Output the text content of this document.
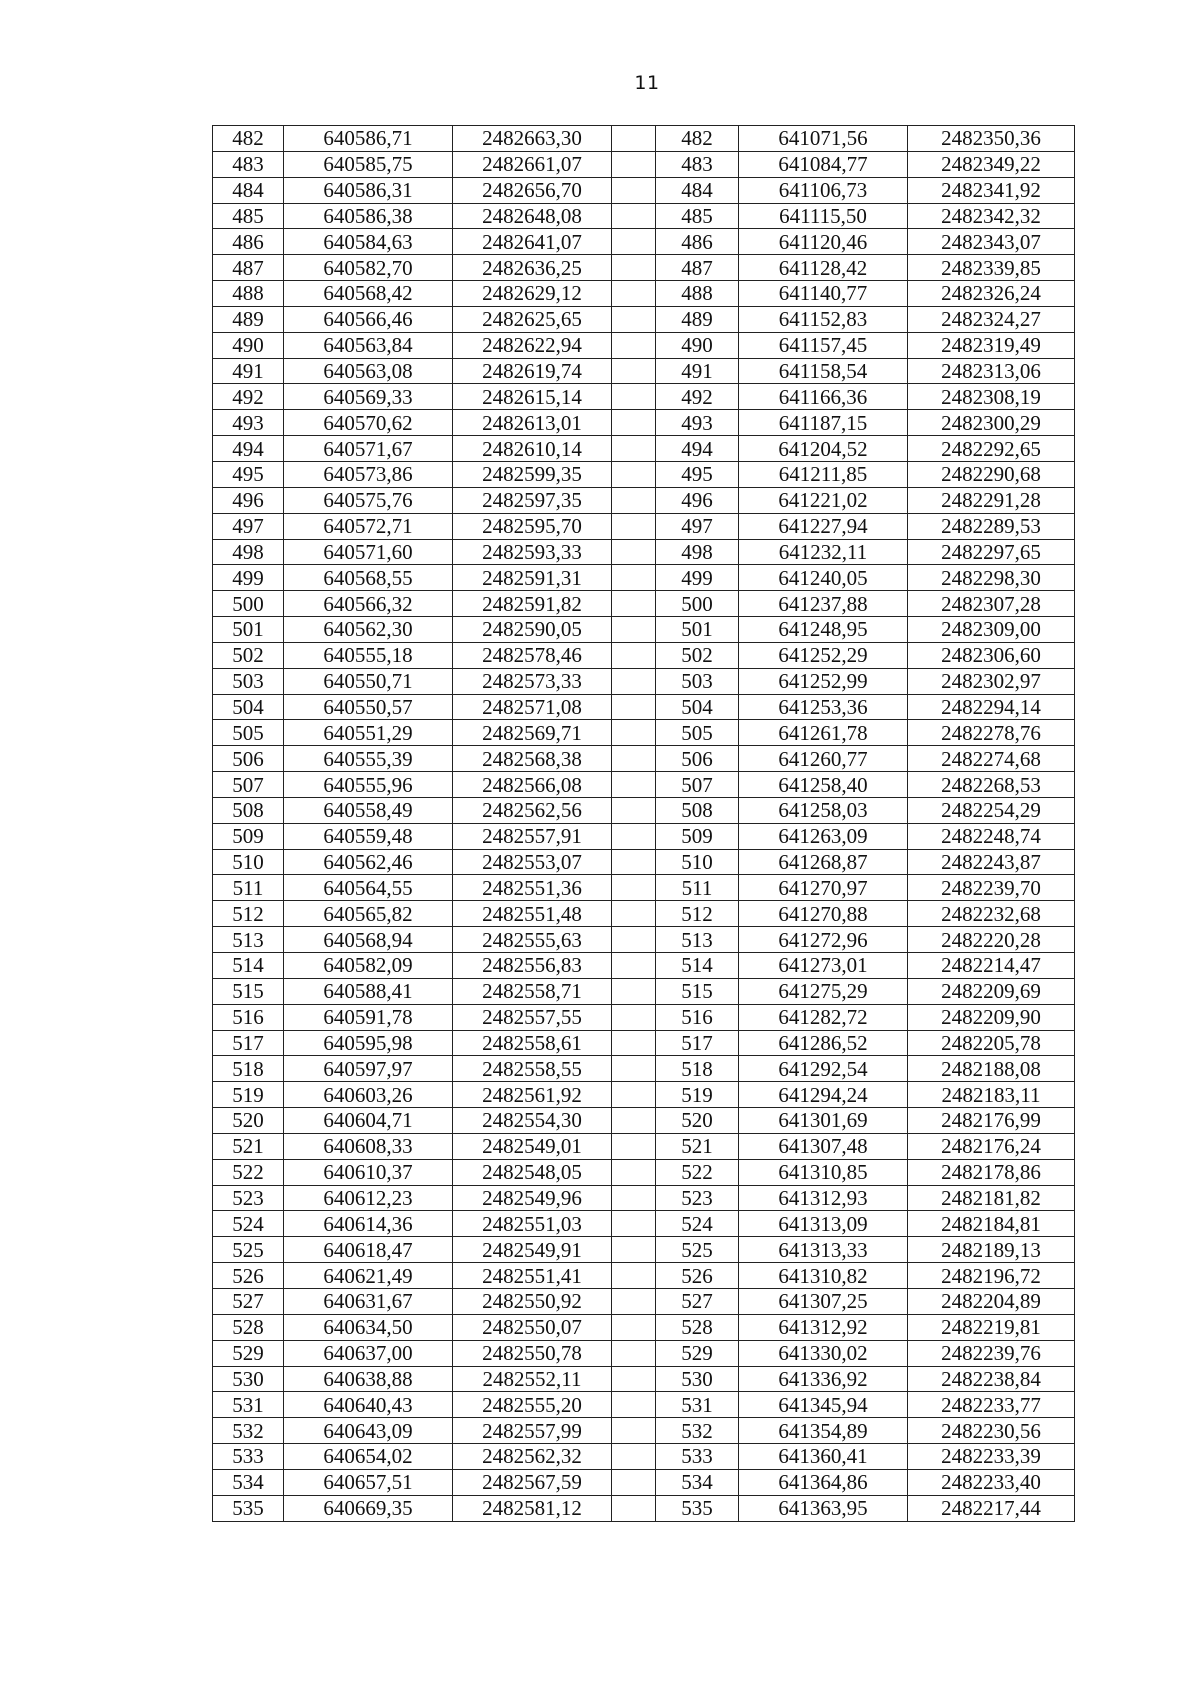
11
482	640586,71	2482663,30		482	641071,56	2482350,36
483	640585,75	2482661,07		483	641084,77	2482349,22
484	640586,31	2482656,70		484	641106,73	2482341,92
485	640586,38	2482648,08		485	641115,50	2482342,32
486	640584,63	2482641,07		486	641120,46	2482343,07
487	640582,70	2482636,25		487	641128,42	2482339,85
488	640568,42	2482629,12		488	641140,77	2482326,24
489	640566,46	2482625,65		489	641152,83	2482324,27
490	640563,84	2482622,94		490	641157,45	2482319,49
491	640563,08	2482619,74		491	641158,54	2482313,06
492	640569,33	2482615,14		492	641166,36	2482308,19
493	640570,62	2482613,01		493	641187,15	2482300,29
494	640571,67	2482610,14		494	641204,52	2482292,65
495	640573,86	2482599,35		495	641211,85	2482290,68
496	640575,76	2482597,35		496	641221,02	2482291,28
497	640572,71	2482595,70		497	641227,94	2482289,53
498	640571,60	2482593,33		498	641232,11	2482297,65
499	640568,55	2482591,31		499	641240,05	2482298,30
500	640566,32	2482591,82		500	641237,88	2482307,28
501	640562,30	2482590,05		501	641248,95	2482309,00
502	640555,18	2482578,46		502	641252,29	2482306,60
503	640550,71	2482573,33		503	641252,99	2482302,97
504	640550,57	2482571,08		504	641253,36	2482294,14
505	640551,29	2482569,71		505	641261,78	2482278,76
506	640555,39	2482568,38		506	641260,77	2482274,68
507	640555,96	2482566,08		507	641258,40	2482268,53
508	640558,49	2482562,56		508	641258,03	2482254,29
509	640559,48	2482557,91		509	641263,09	2482248,74
510	640562,46	2482553,07		510	641268,87	2482243,87
511	640564,55	2482551,36		511	641270,97	2482239,70
512	640565,82	2482551,48		512	641270,88	2482232,68
513	640568,94	2482555,63		513	641272,96	2482220,28
514	640582,09	2482556,83		514	641273,01	2482214,47
515	640588,41	2482558,71		515	641275,29	2482209,69
516	640591,78	2482557,55		516	641282,72	2482209,90
517	640595,98	2482558,61		517	641286,52	2482205,78
518	640597,97	2482558,55		518	641292,54	2482188,08
519	640603,26	2482561,92		519	641294,24	2482183,11
520	640604,71	2482554,30		520	641301,69	2482176,99
521	640608,33	2482549,01		521	641307,48	2482176,24
522	640610,37	2482548,05		522	641310,85	2482178,86
523	640612,23	2482549,96		523	641312,93	2482181,82
524	640614,36	2482551,03		524	641313,09	2482184,81
525	640618,47	2482549,91		525	641313,33	2482189,13
526	640621,49	2482551,41		526	641310,82	2482196,72
527	640631,67	2482550,92		527	641307,25	2482204,89
528	640634,50	2482550,07		528	641312,92	2482219,81
529	640637,00	2482550,78		529	641330,02	2482239,76
530	640638,88	2482552,11		530	641336,92	2482238,84
531	640640,43	2482555,20		531	641345,94	2482233,77
532	640643,09	2482557,99		532	641354,89	2482230,56
533	640654,02	2482562,32		533	641360,41	2482233,39
534	640657,51	2482567,59		534	641364,86	2482233,40
535	640669,35	2482581,12		535	641363,95	2482217,44
